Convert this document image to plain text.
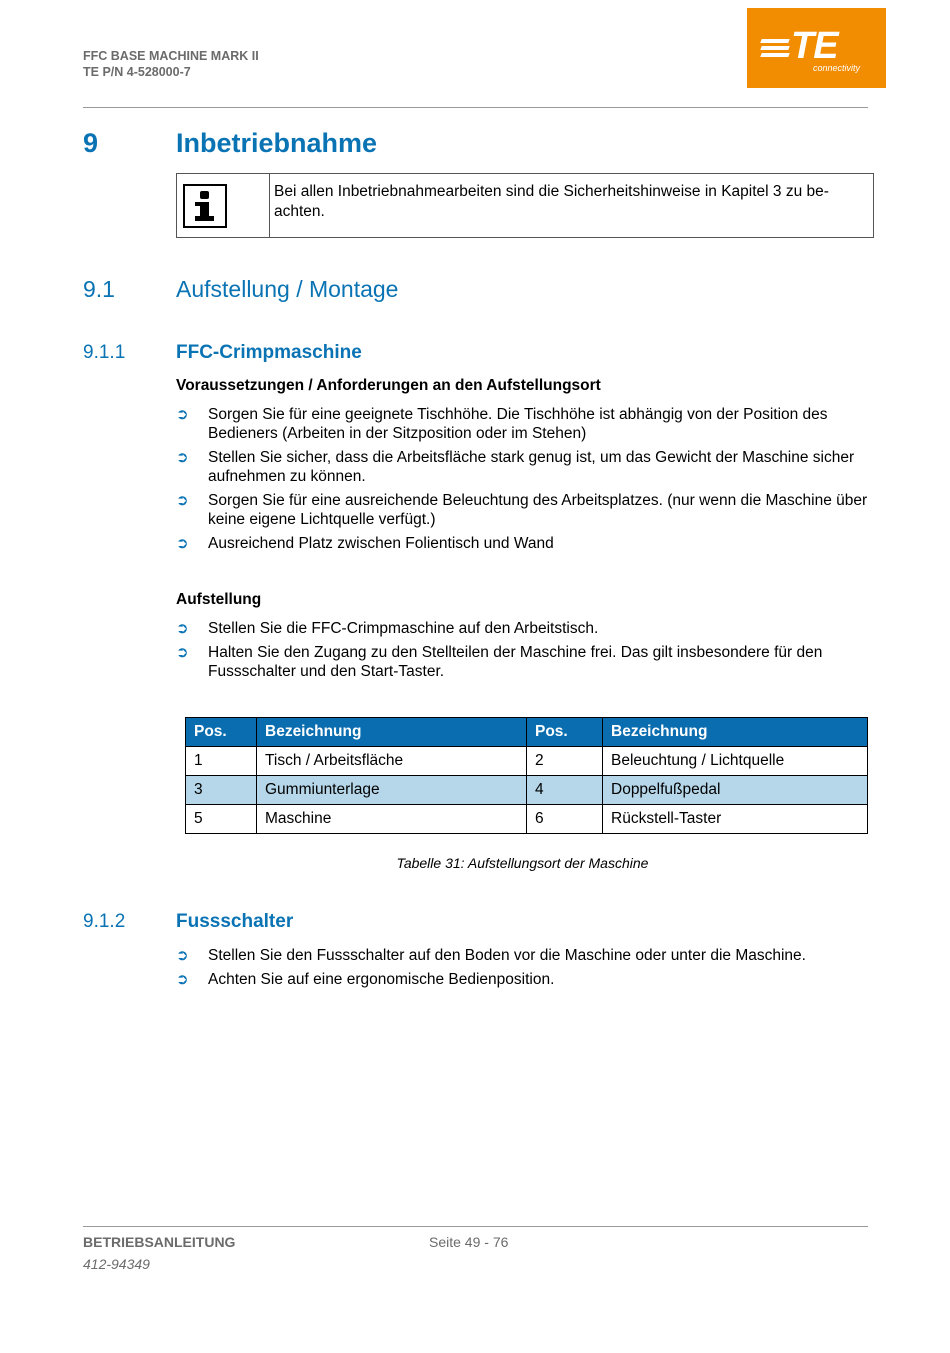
FFC BASE MACHINE MARK II
TE P/N 4-528000-7
TE
connectivity
9	Inbetriebnahme
Bei allen Inbetriebnahmearbeiten sind die Sicherheitshinweise in Kapitel 3 zu be-achten.
9.1	Aufstellung / Montage
9.1.1	FFC-Crimpmaschine
Voraussetzungen / Anforderungen an den Aufstellungsort
➲ Sorgen Sie für eine geeignete Tischhöhe. Die Tischhöhe ist abhängig von der Position des Bedieners (Arbeiten in der Sitzposition oder im Stehen)
➲ Stellen Sie sicher, dass die Arbeitsfläche stark genug ist, um das Gewicht der Maschine sicher aufnehmen zu können.
➲ Sorgen Sie für eine ausreichende Beleuchtung des Arbeitsplatzes. (nur wenn die Maschine über keine eigene Lichtquelle verfügt.)
➲ Ausreichend Platz zwischen Folientisch und Wand
Aufstellung
➲ Stellen Sie die FFC-Crimpmaschine auf den Arbeitstisch.
➲ Halten Sie den Zugang zu den Stellteilen der Maschine frei. Das gilt insbesondere für den Fussschalter und den Start-Taster.
Pos.	Bezeichnung	Pos.	Bezeichnung
1	Tisch / Arbeitsfläche	2	Beleuchtung / Lichtquelle
3	Gummiunterlage	4	Doppelfußpedal
5	Maschine	6	Rückstell-Taster
Tabelle 31: Aufstellungsort der Maschine
9.1.2	Fussschalter
➲ Stellen Sie den Fussschalter auf den Boden vor die Maschine oder unter die Maschine.
➲ Achten Sie auf eine ergonomische Bedienposition.
BETRIEBSANLEITUNG
412-94349
Seite 49 - 76
